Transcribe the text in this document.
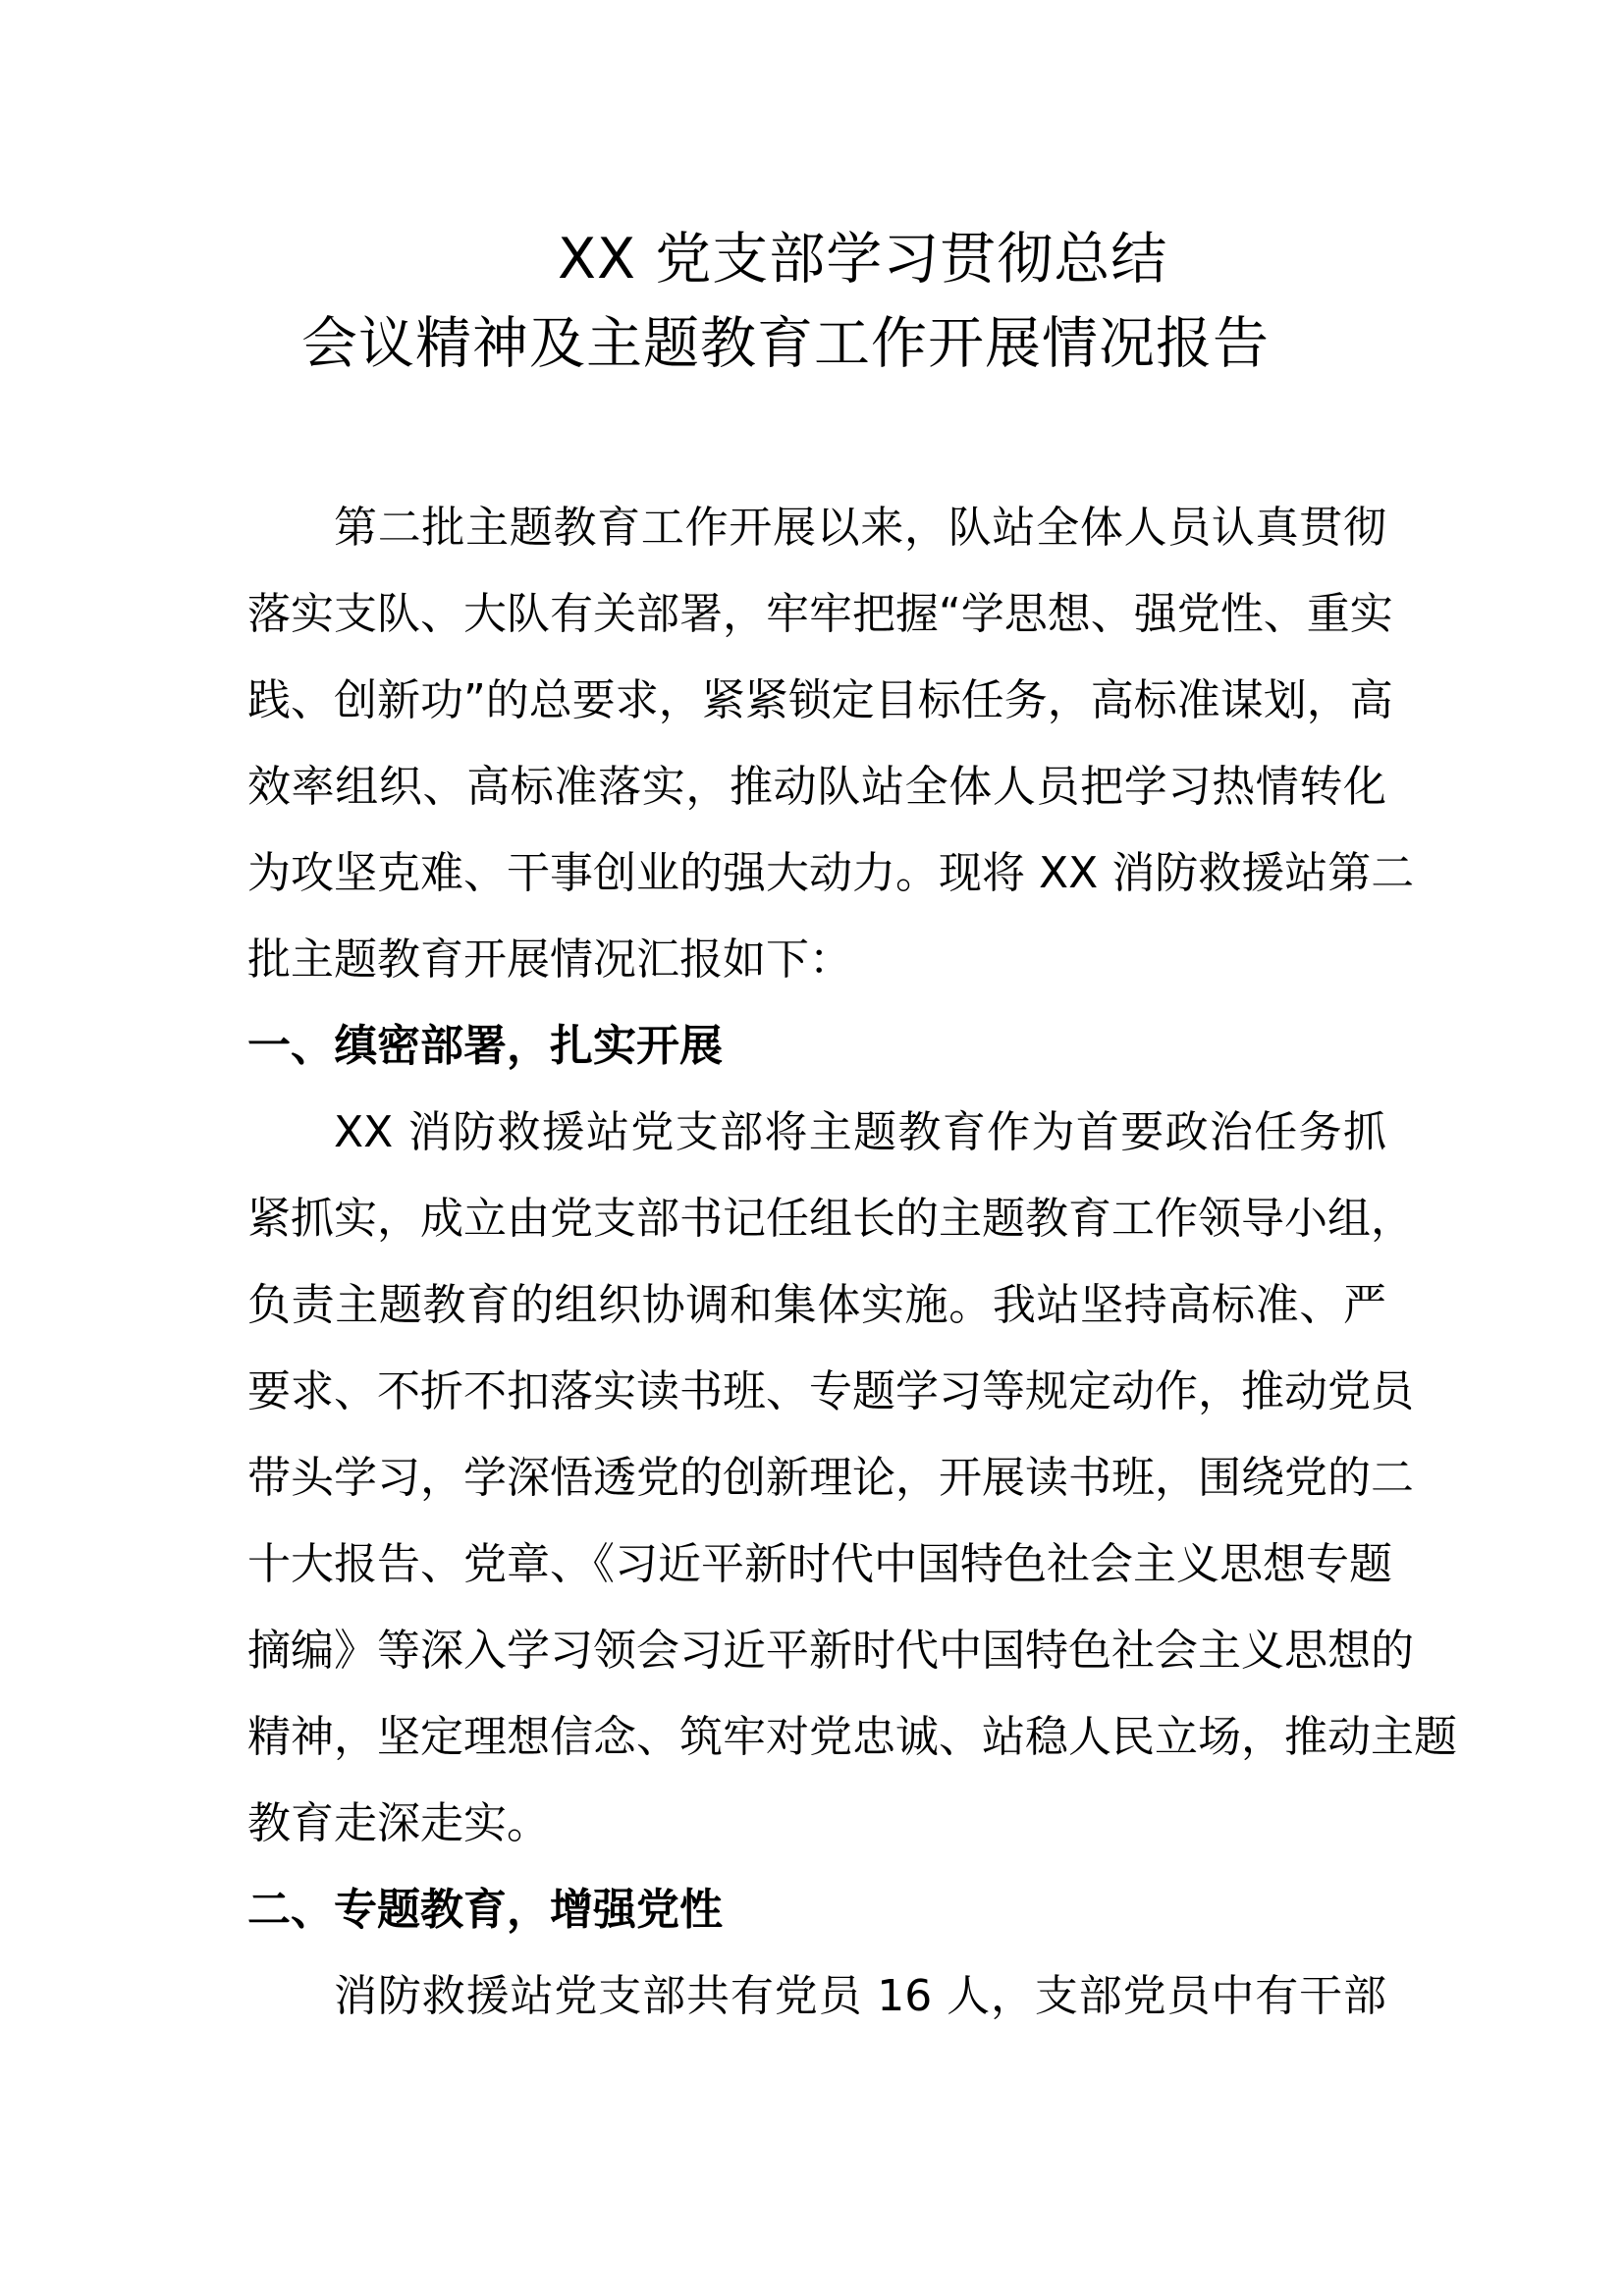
XX 党支部学习贯彻总结
会议精神及主题教育工作开展情况报告
第二批主题教育工作开展以来，队站全体人员认真贯彻
落实支队、大队有关部署，牢牢把握“学思想、强党性、重实
践、创新功”的总要求，紧紧锁定目标任务，高标准谋划，高
效率组织、高标准落实，推动队站全体人员把学习热情转化
为攻坚克难、干事创业的强大动力。现将 XX 消防救援站第二
批主题教育开展情况汇报如下：
一、缜密部署，扎实开展
XX 消防救援站党支部将主题教育作为首要政治任务抓
紧抓实，成立由党支部书记任组长的主题教育工作领导小组，
负责主题教育的组织协调和集体实施。我站坚持高标准、严
要求、不折不扣落实读书班、专题学习等规定动作，推动党员
带头学习，学深悟透党的创新理论，开展读书班，围绕党的二
十大报告、党章、《习近平新时代中国特色社会主义思想专题
摘编》等深入学习领会习近平新时代中国特色社会主义思想的
精神，坚定理想信念、筑牢对党忠诚、站稳人民立场，推动主题
教育走深走实。
二、专题教育，增强党性
消防救援站党支部共有党员 16 人，支部党员中有干部
